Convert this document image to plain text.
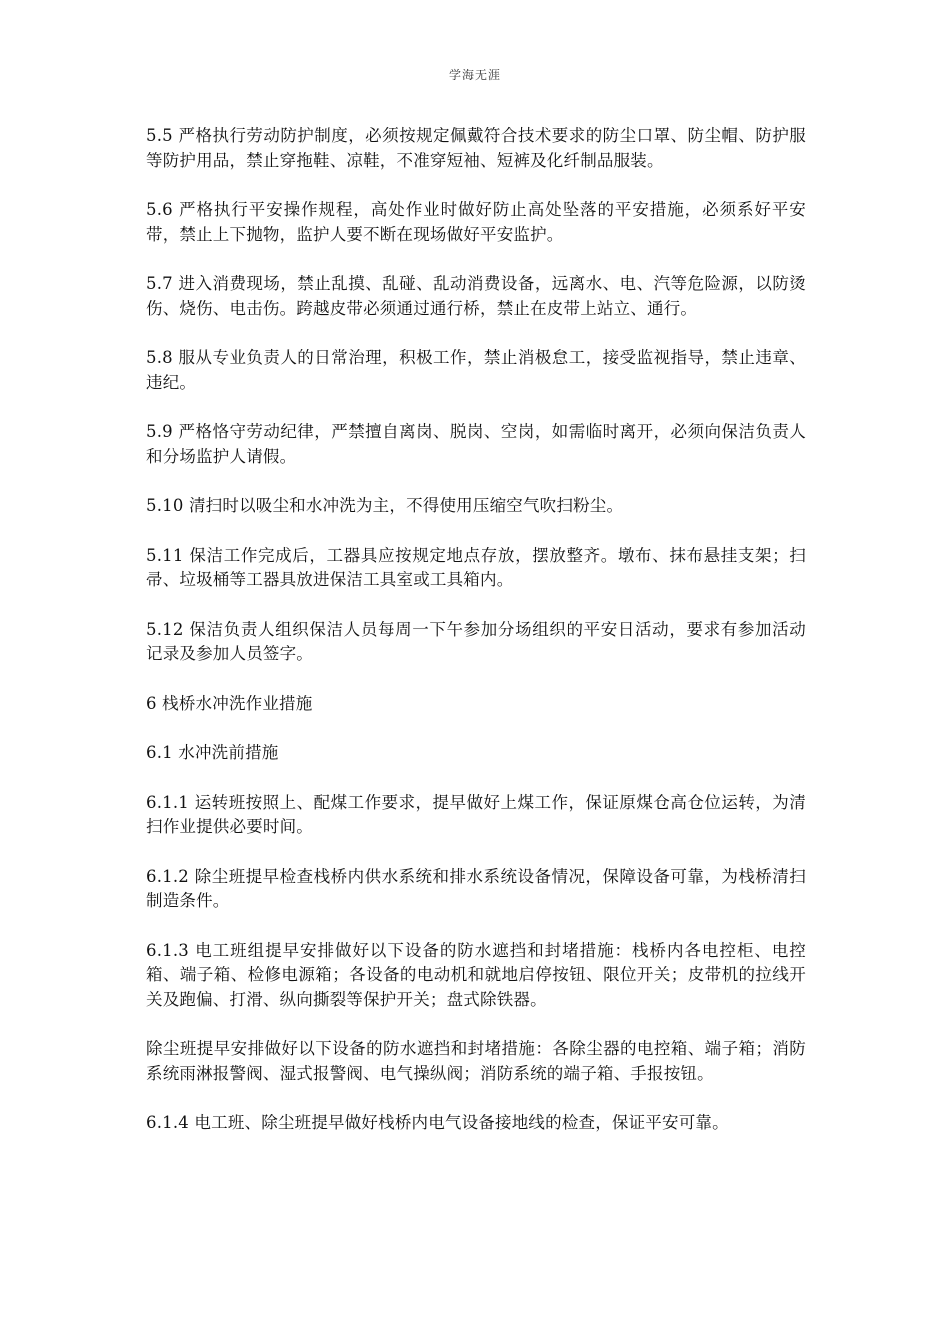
学海无涯

5.5 严格执行劳动防护制度，必须按规定佩戴符合技术要求的防尘口罩、防尘帽、防护服等防护用品，禁止穿拖鞋、凉鞋，不准穿短袖、短裤及化纤制品服装。

5.6 严格执行平安操作规程，高处作业时做好防止高处坠落的平安措施，必须系好平安带，禁止上下抛物，监护人要不断在现场做好平安监护。

5.7 进入消费现场，禁止乱摸、乱碰、乱动消费设备，远离水、电、汽等危险源，以防烫伤、烧伤、电击伤。跨越皮带必须通过通行桥，禁止在皮带上站立、通行。

5.8 服从专业负责人的日常治理，积极工作，禁止消极怠工，接受监视指导，禁止违章、违纪。

5.9 严格恪守劳动纪律，严禁擅自离岗、脱岗、空岗，如需临时离开，必须向保洁负责人和分场监护人请假。

5.10 清扫时以吸尘和水冲洗为主，不得使用压缩空气吹扫粉尘。

5.11 保洁工作完成后，工器具应按规定地点存放，摆放整齐。墩布、抹布悬挂支架；扫帚、垃圾桶等工器具放进保洁工具室或工具箱内。

5.12 保洁负责人组织保洁人员每周一下午参加分场组织的平安日活动，要求有参加活动记录及参加人员签字。

6 栈桥水冲洗作业措施

6.1 水冲洗前措施

6.1.1 运转班按照上、配煤工作要求，提早做好上煤工作，保证原煤仓高仓位运转，为清扫作业提供必要时间。

6.1.2 除尘班提早检查栈桥内供水系统和排水系统设备情况，保障设备可靠，为栈桥清扫制造条件。

6.1.3 电工班组提早安排做好以下设备的防水遮挡和封堵措施：栈桥内各电控柜、电控箱、端子箱、检修电源箱；各设备的电动机和就地启停按钮、限位开关；皮带机的拉线开关及跑偏、打滑、纵向撕裂等保护开关；盘式除铁器。

除尘班提早安排做好以下设备的防水遮挡和封堵措施：各除尘器的电控箱、端子箱；消防系统雨淋报警阀、湿式报警阀、电气操纵阀；消防系统的端子箱、手报按钮。

6.1.4 电工班、除尘班提早做好栈桥内电气设备接地线的检查，保证平安可靠。
